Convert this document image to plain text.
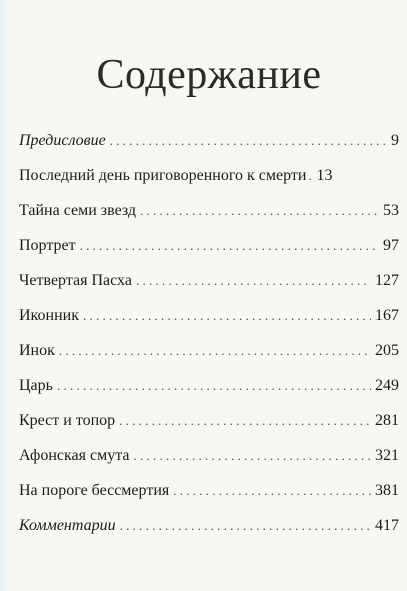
Содержание
Предисловие . . .	9
Последний день приговоренного к смерти . . . 13
Тайна семи звезд . . .	53
Портрет . . .	97
Четвертая Пасха . . .	127
Иконник . . .	167
Инок . . .	205
Царь . . .	249
Крест и топор . . .	281
Афонская смута . . .	321
На пороге бессмертия . . .	381
Комментарии . . .	417
